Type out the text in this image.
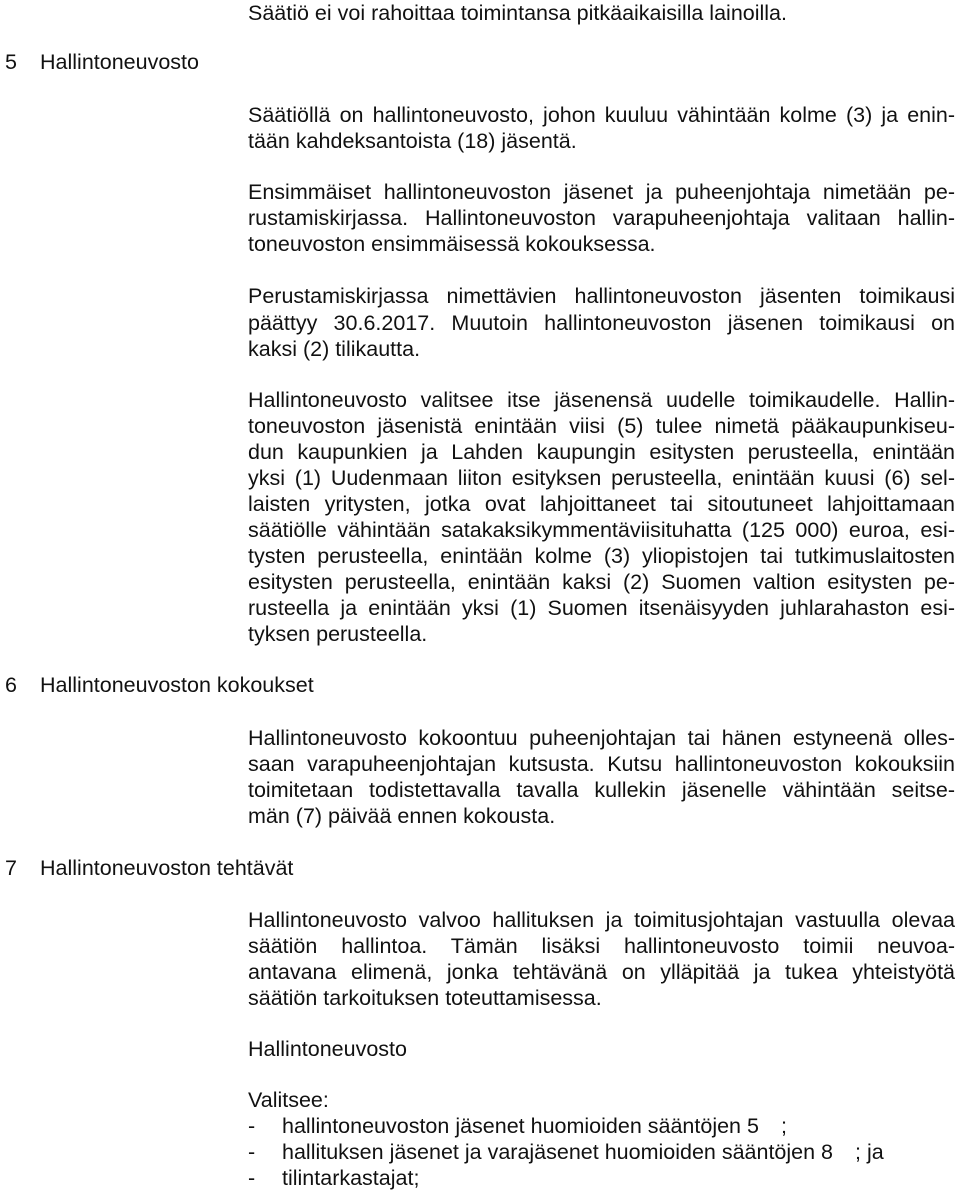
Säätiö ei voi rahoittaa toimintansa pitkäaikaisilla lainoilla.
5 Hallintoneuvosto
Säätiöllä on hallintoneuvosto, johon kuuluu vähintään kolme (3) ja enin-
tään kahdeksantoista (18) jäsentä.
Ensimmäiset hallintoneuvoston jäsenet ja puheenjohtaja nimetään pe-
rustamiskirjassa. Hallintoneuvoston varapuheenjohtaja valitaan hallin-
toneuvoston ensimmäisessä kokouksessa.
Perustamiskirjassa nimettävien hallintoneuvoston jäsenten toimikausi
päättyy 30.6.2017. Muutoin hallintoneuvoston jäsenen toimikausi on
kaksi (2) tilikautta.
Hallintoneuvosto valitsee itse jäsenensä uudelle toimikaudelle. Hallin-
toneuvoston jäsenistä enintään viisi (5) tulee nimetä pääkaupunkiseu-
dun kaupunkien ja Lahden kaupungin esitysten perusteella, enintään
yksi (1) Uudenmaan liiton esityksen perusteella, enintään kuusi (6) sel-
laisten yritysten, jotka ovat lahjoittaneet tai sitoutuneet lahjoittamaan
säätiölle vähintään satakaksikymmentäviisituhatta (125 000) euroa, esi-
tysten perusteella, enintään kolme (3) yliopistojen tai tutkimuslaitosten
esitysten perusteella, enintään kaksi (2) Suomen valtion esitysten pe-
rusteella ja enintään yksi (1) Suomen itsenäisyyden juhlarahaston esi-
tyksen perusteella.
6 Hallintoneuvoston kokoukset
Hallintoneuvosto kokoontuu puheenjohtajan tai hänen estyneenä olles-
saan varapuheenjohtajan kutsusta. Kutsu hallintoneuvoston kokouksiin
toimitetaan todistettavalla tavalla kullekin jäsenelle vähintään seitse-
män (7) päivää ennen kokousta.
7 Hallintoneuvoston tehtävät
Hallintoneuvosto valvoo hallituksen ja toimitusjohtajan vastuulla olevaa
säätiön hallintoa. Tämän lisäksi hallintoneuvosto toimii neuvoa-
antavana elimenä, jonka tehtävänä on ylläpitää ja tukea yhteistyötä
säätiön tarkoituksen toteuttamisessa.
Hallintoneuvosto
Valitsee:
- hallintoneuvoston jäsenet huomioiden sääntöjen 5 ;
- hallituksen jäsenet ja varajäsenet huomioiden sääntöjen 8 ; ja
- tilintarkastajat;
